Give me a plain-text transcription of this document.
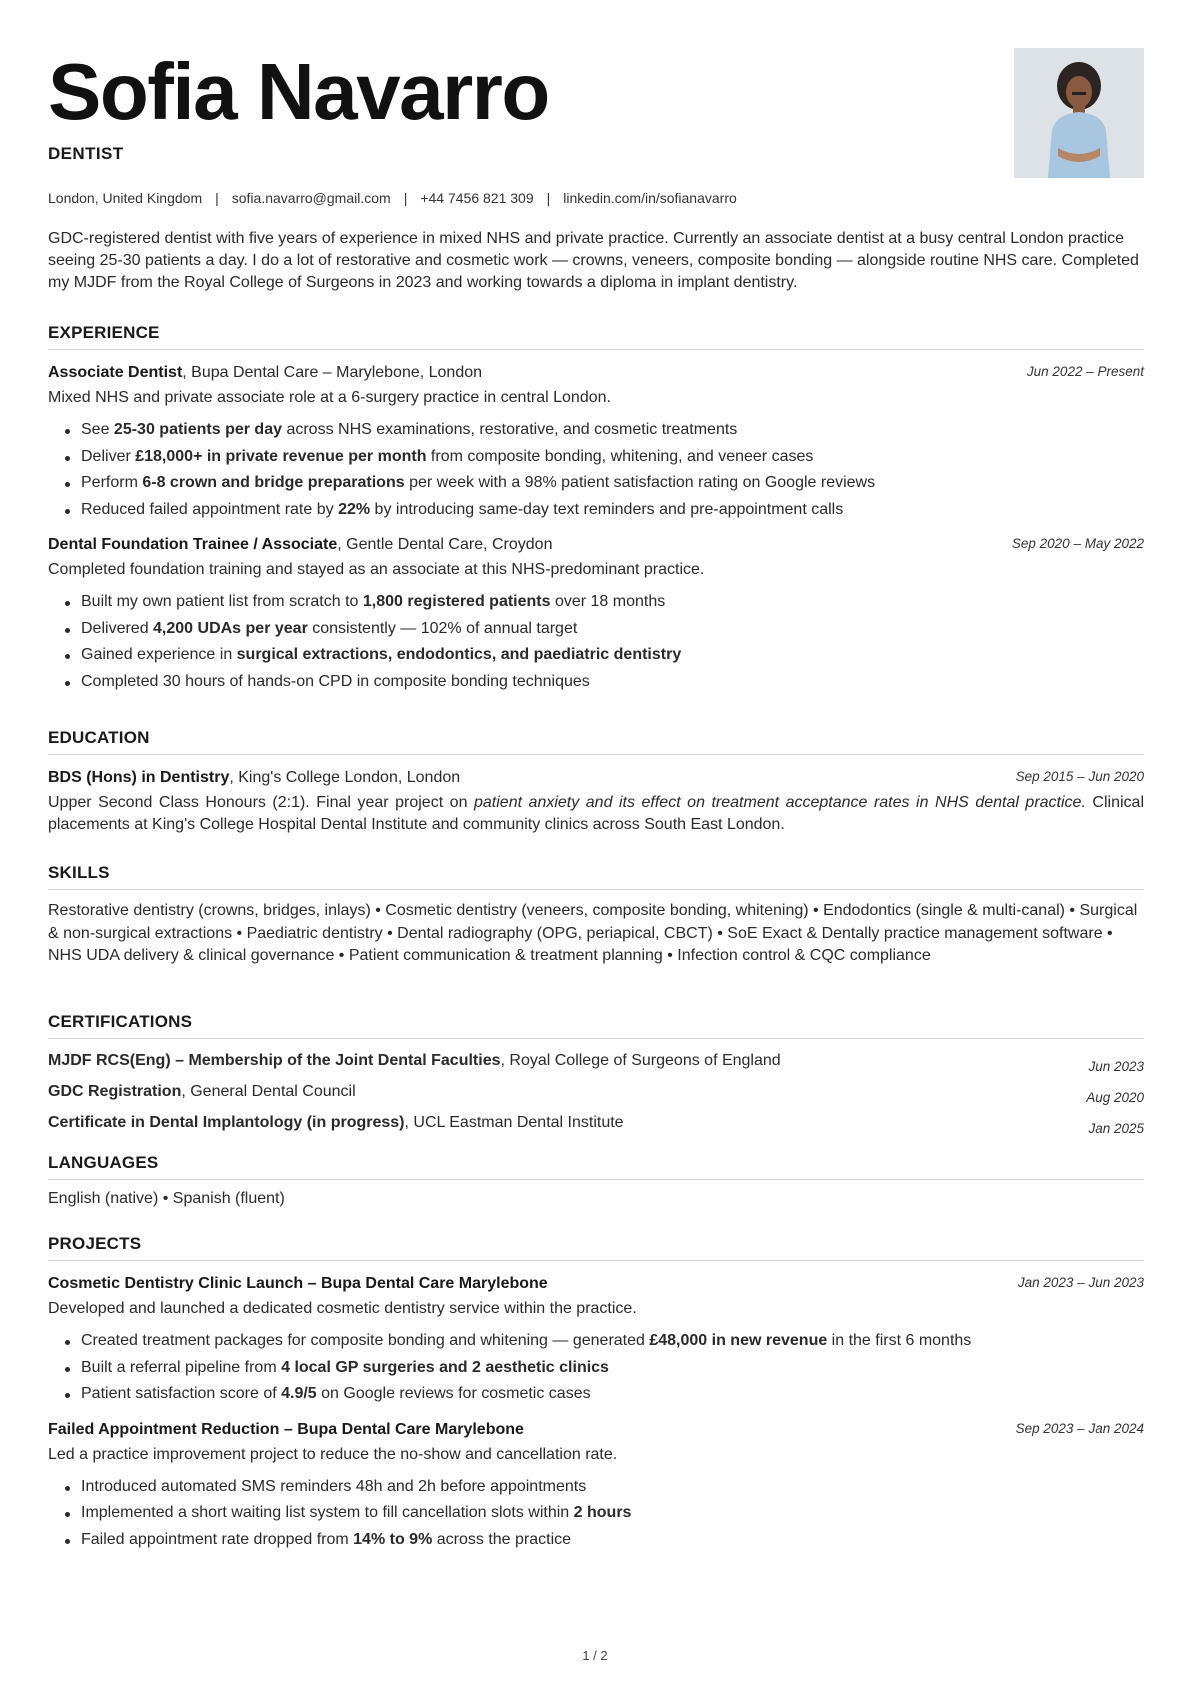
Sofia Navarro
DENTIST
London, United Kingdom | sofia.navarro@gmail.com | +44 7456 821 309 | linkedin.com/in/sofianavarro

GDC-registered dentist with five years of experience in mixed NHS and private practice. Currently an associate dentist at a busy central London practice seeing 25-30 patients a day. I do a lot of restorative and cosmetic work — crowns, veneers, composite bonding — alongside routine NHS care. Completed my MJDF from the Royal College of Surgeons in 2023 and working towards a diploma in implant dentistry.

EXPERIENCE
Associate Dentist, Bupa Dental Care – Marylebone, London	Jun 2022 – Present

Mixed NHS and private associate role at a 6-surgery practice in central London.

See 25-30 patients per day across NHS examinations, restorative, and cosmetic treatments
Deliver £18,000+ in private revenue per month from composite bonding, whitening, and veneer cases
Perform 6-8 crown and bridge preparations per week with a 98% patient satisfaction rating on Google reviews
Reduced failed appointment rate by 22% by introducing same-day text reminders and pre-appointment calls
Dental Foundation Trainee / Associate, Gentle Dental Care, Croydon	Sep 2020 – May 2022

Completed foundation training and stayed as an associate at this NHS-predominant practice.

Built my own patient list from scratch to 1,800 registered patients over 18 months
Delivered 4,200 UDAs per year consistently — 102% of annual target
Gained experience in surgical extractions, endodontics, and paediatric dentistry
Completed 30 hours of hands-on CPD in composite bonding techniques
EDUCATION
BDS (Hons) in Dentistry, King's College London, London	Sep 2015 – Jun 2020

Upper Second Class Honours (2:1). Final year project on patient anxiety and its effect on treatment acceptance rates in NHS dental practice. Clinical placements at King's College Hospital Dental Institute and community clinics across South East London.

SKILLS

Restorative dentistry (crowns, bridges, inlays) • Cosmetic dentistry (veneers, composite bonding, whitening) • Endodontics (single & multi-canal) • Surgical & non-surgical extractions • Paediatric dentistry • Dental radiography (OPG, periapical, CBCT) • SoE Exact & Dentally practice management software • NHS UDA delivery & clinical governance • Patient communication & treatment planning • Infection control & CQC compliance

CERTIFICATIONS
MJDF RCS(Eng) – Membership of the Joint Dental Faculties, Royal College of Surgeons of England	Jun 2023
GDC Registration, General Dental Council	Aug 2020
Certificate in Dental Implantology (in progress), UCL Eastman Dental Institute	Jan 2025
LANGUAGES

English (native) • Spanish (fluent)

PROJECTS
Cosmetic Dentistry Clinic Launch – Bupa Dental Care Marylebone	Jan 2023 – Jun 2023

Developed and launched a dedicated cosmetic dentistry service within the practice.

Created treatment packages for composite bonding and whitening — generated £48,000 in new revenue in the first 6 months
Built a referral pipeline from 4 local GP surgeries and 2 aesthetic clinics
Patient satisfaction score of 4.9/5 on Google reviews for cosmetic cases
Failed Appointment Reduction – Bupa Dental Care Marylebone	Sep 2023 – Jan 2024

Led a practice improvement project to reduce the no-show and cancellation rate.

Introduced automated SMS reminders 48h and 2h before appointments
Implemented a short waiting list system to fill cancellation slots within 2 hours
Failed appointment rate dropped from 14% to 9% across the practice
1 / 2
